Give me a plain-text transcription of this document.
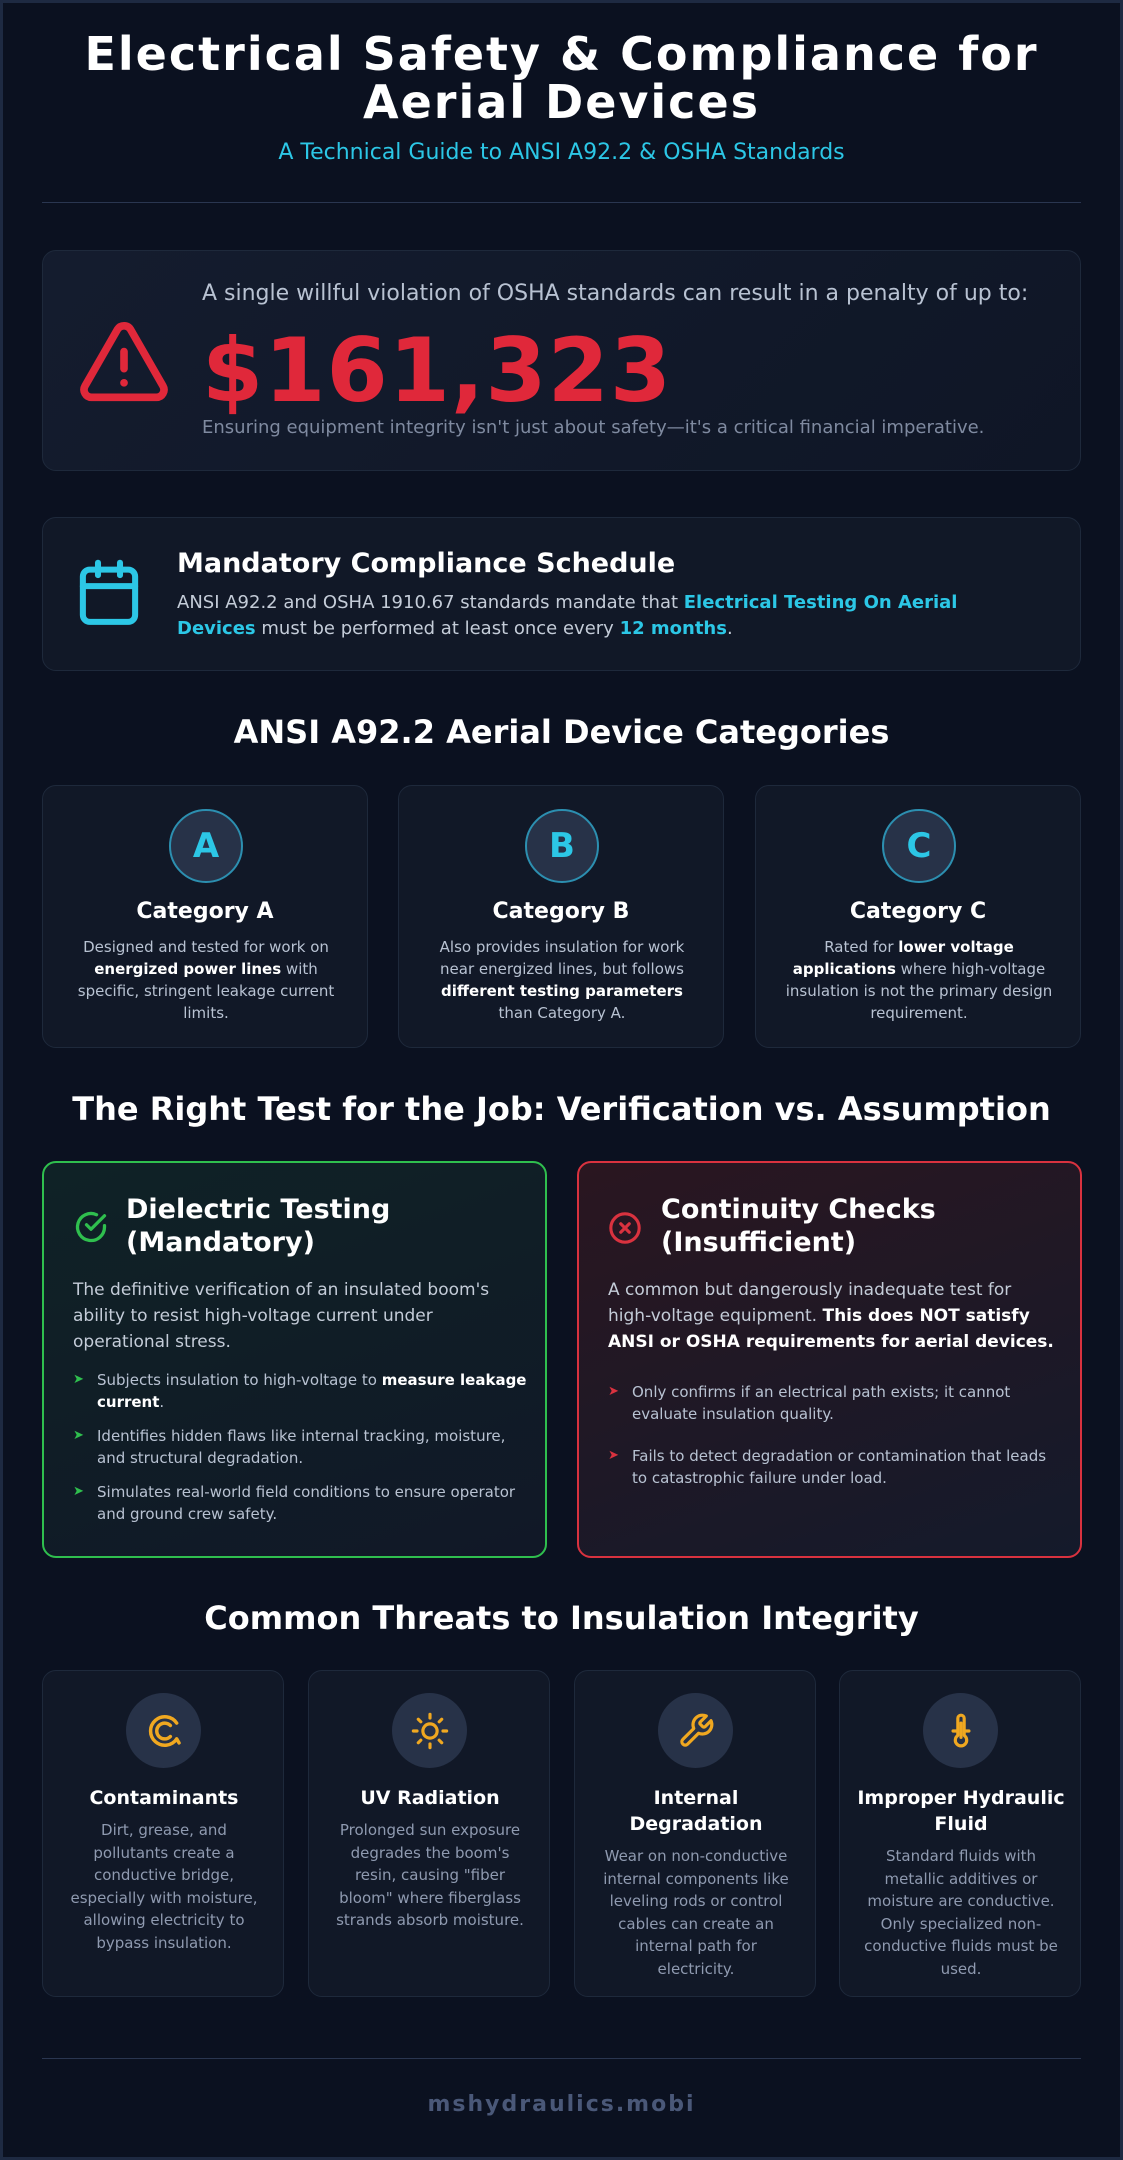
Electrical Safety & Compliance for Aerial Devices
A Technical Guide to ANSI A92.2 & OSHA Standards
A single willful violation of OSHA standards can result in a penalty of up to:
$161,323
Ensuring equipment integrity isn't just about safety—it's a critical financial imperative.
Mandatory Compliance Schedule

ANSI A92.2 and OSHA 1910.67 standards mandate that Electrical Testing On Aerial Devices must be performed at least once every 12 months.

ANSI A92.2 Aerial Device Categories
A
Category A

Designed and tested for work on energized power lines with specific, stringent leakage current limits.

B
Category B

Also provides insulation for work near energized lines, but follows different testing parameters than Category A.

C
Category C

Rated for lower voltage applications where high-voltage insulation is not the primary design requirement.

The Right Test for the Job: Verification vs. Assumption
Dielectric Testing (Mandatory)
The definitive verification of an insulated boom's ability to resist high-voltage current under operational stress.
➤ Subjects insulation to high-voltage to measure leakage current.
➤ Identifies hidden flaws like internal tracking, moisture, and structural degradation.
➤ Simulates real-world field conditions to ensure operator and ground crew safety.
Continuity Checks (Insufficient)
A common but dangerously inadequate test for high-voltage equipment. This does NOT satisfy ANSI or OSHA requirements for aerial devices.
➤ Only confirms if an electrical path exists; it cannot evaluate insulation quality.
➤ Fails to detect degradation or contamination that leads to catastrophic failure under load.
Common Threats to Insulation Integrity
Contaminants

Dirt, grease, and pollutants create a conductive bridge, especially with moisture, allowing electricity to bypass insulation.

UV Radiation

Prolonged sun exposure degrades the boom's resin, causing "fiber bloom" where fiberglass strands absorb moisture.

Internal Degradation

Wear on non-conductive internal components like leveling rods or control cables can create an internal path for electricity.

Improper Hydraulic Fluid

Standard fluids with metallic additives or moisture are conductive. Only specialized non-conductive fluids must be used.

mshydraulics.mobi
